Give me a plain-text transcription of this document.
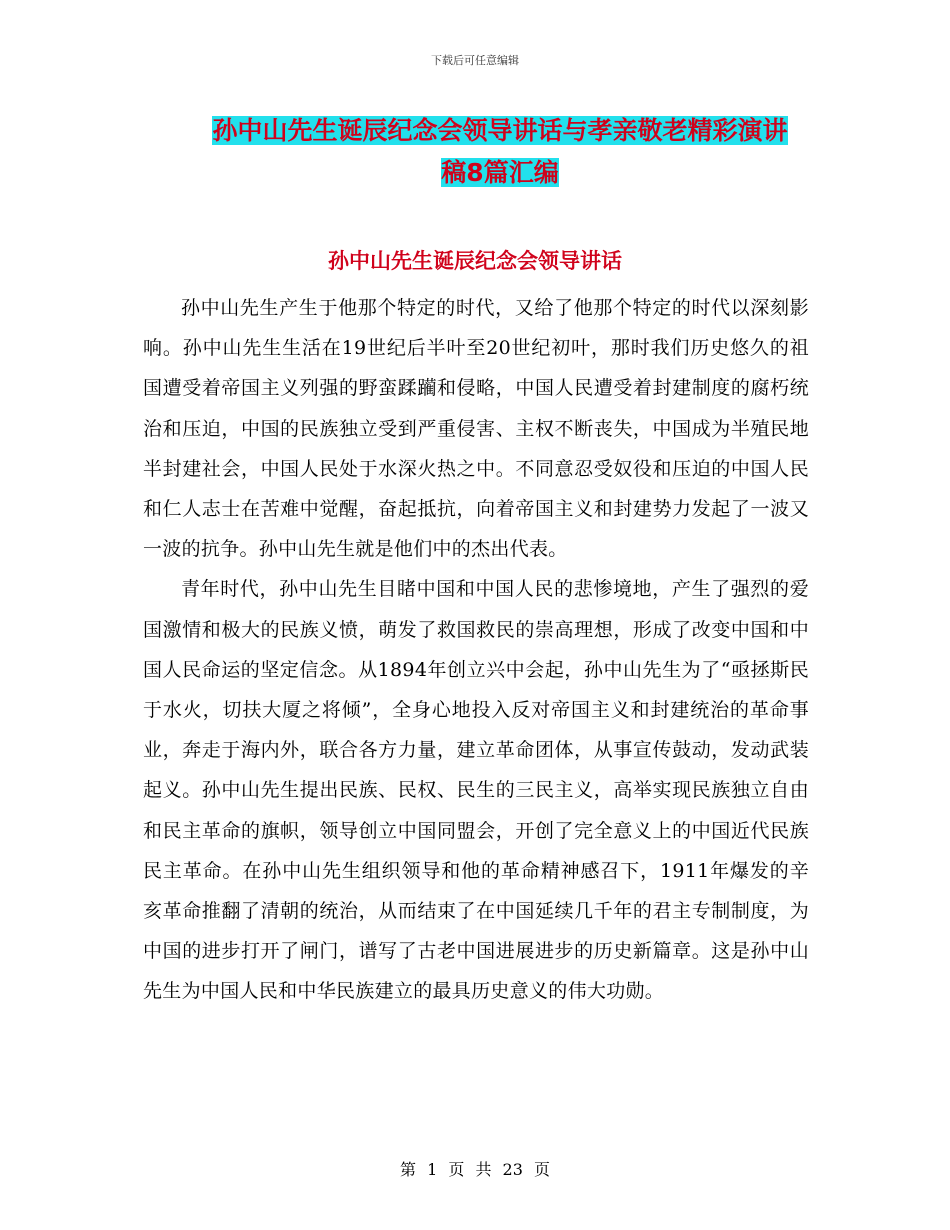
下载后可任意编辑
孙中山先生诞辰纪念会领导讲话与孝亲敬老精彩演讲
稿8篇汇编
孙中山先生诞辰纪念会领导讲话

孙中山先生产生于他那个特定的时代，又给了他那个特定的时代以深刻影响。孙中山先生生活在19世纪后半叶至20世纪初叶，那时我们历史悠久的祖国遭受着帝国主义列强的野蛮蹂躏和侵略，中国人民遭受着封建制度的腐朽统治和压迫，中国的民族独立受到严重侵害、主权不断丧失，中国成为半殖民地半封建社会，中国人民处于水深火热之中。不同意忍受奴役和压迫的中国人民和仁人志士在苦难中觉醒，奋起抵抗，向着帝国主义和封建势力发起了一波又一波的抗争。孙中山先生就是他们中的杰出代表。

青年时代，孙中山先生目睹中国和中国人民的悲惨境地，产生了强烈的爱国激情和极大的民族义愤，萌发了救国救民的崇高理想，形成了改变中国和中国人民命运的坚定信念。从1894年创立兴中会起，孙中山先生为了“亟拯斯民于水火，切扶大厦之将倾”，全身心地投入反对帝国主义和封建统治的革命事业，奔走于海内外，联合各方力量，建立革命团体，从事宣传鼓动，发动武装起义。孙中山先生提出民族、民权、民生的三民主义，高举实现民族独立自由和民主革命的旗帜，领导创立中国同盟会，开创了完全意义上的中国近代民族民主革命。在孙中山先生组织领导和他的革命精神感召下，1911年爆发的辛亥革命推翻了清朝的统治，从而结束了在中国延续几千年的君主专制制度，为中国的进步打开了闸门，谱写了古老中国进展进步的历史新篇章。这是孙中山先生为中国人民和中华民族建立的最具历史意义的伟大功勋。

第 1 页 共 23 页
